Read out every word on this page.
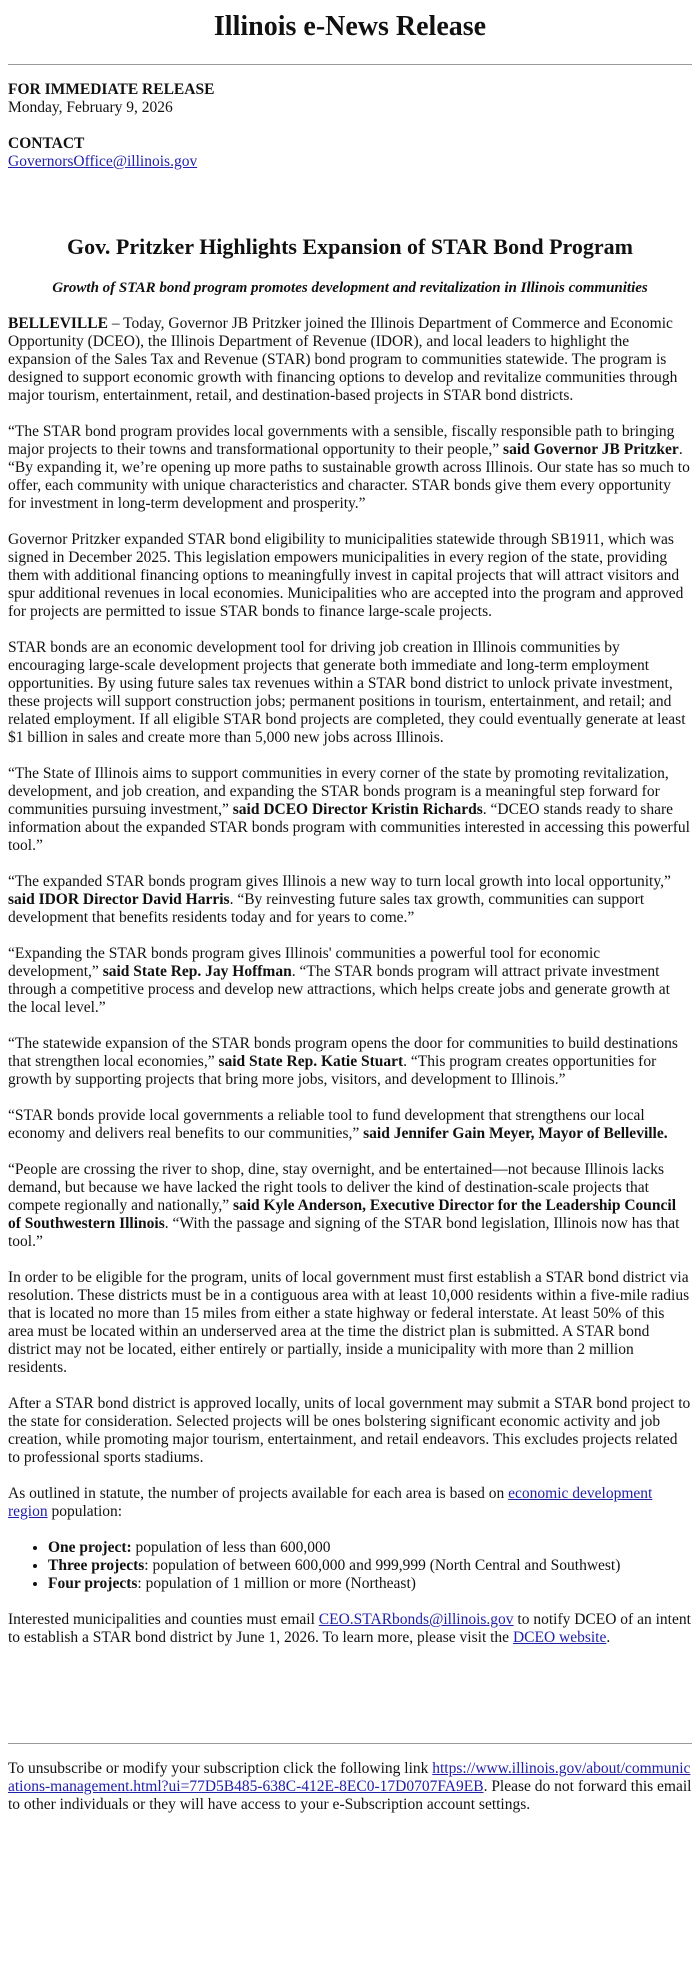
Illinois e-News Release

FOR IMMEDIATE RELEASE
Monday, February 9, 2026

CONTACT
GovernorsOffice@illinois.gov

Gov. Pritzker Highlights Expansion of STAR Bond Program

Growth of STAR bond program promotes development and revitalization in Illinois communities

BELLEVILLE – Today, Governor JB Pritzker joined the Illinois Department of Commerce and Economic Opportunity (DCEO), the Illinois Department of Revenue (IDOR), and local leaders to highlight the expansion of the Sales Tax and Revenue (STAR) bond program to communities statewide. The program is designed to support economic growth with financing options to develop and revitalize communities through major tourism, entertainment, retail, and destination-based projects in STAR bond districts.

“The STAR bond program provides local governments with a sensible, fiscally responsible path to bringing major projects to their towns and transformational opportunity to their people,” said Governor JB Pritzker. “By expanding it, we’re opening up more paths to sustainable growth across Illinois. Our state has so much to offer, each community with unique characteristics and character. STAR bonds give them every opportunity for investment in long-term development and prosperity.”

Governor Pritzker expanded STAR bond eligibility to municipalities statewide through SB1911, which was signed in December 2025. This legislation empowers municipalities in every region of the state, providing them with additional financing options to meaningfully invest in capital projects that will attract visitors and spur additional revenues in local economies. Municipalities who are accepted into the program and approved for projects are permitted to issue STAR bonds to finance large-scale projects.

STAR bonds are an economic development tool for driving job creation in Illinois communities by encouraging large-scale development projects that generate both immediate and long-term employment opportunities. By using future sales tax revenues within a STAR bond district to unlock private investment, these projects will support construction jobs; permanent positions in tourism, entertainment, and retail; and related employment. If all eligible STAR bond projects are completed, they could eventually generate at least $1 billion in sales and create more than 5,000 new jobs across Illinois.

“The State of Illinois aims to support communities in every corner of the state by promoting revitalization, development, and job creation, and expanding the STAR bonds program is a meaningful step forward for communities pursuing investment,” said DCEO Director Kristin Richards. “DCEO stands ready to share information about the expanded STAR bonds program with communities interested in accessing this powerful tool.”

“The expanded STAR bonds program gives Illinois a new way to turn local growth into local opportunity,” said IDOR Director David Harris. “By reinvesting future sales tax growth, communities can support development that benefits residents today and for years to come.”

“Expanding the STAR bonds program gives Illinois' communities a powerful tool for economic development,” said State Rep. Jay Hoffman. “The STAR bonds program will attract private investment through a competitive process and develop new attractions, which helps create jobs and generate growth at the local level.”

“The statewide expansion of the STAR bonds program opens the door for communities to build destinations that strengthen local economies,” said State Rep. Katie Stuart. “This program creates opportunities for growth by supporting projects that bring more jobs, visitors, and development to Illinois.”

“STAR bonds provide local governments a reliable tool to fund development that strengthens our local economy and delivers real benefits to our communities,” said Jennifer Gain Meyer, Mayor of Belleville.

“People are crossing the river to shop, dine, stay overnight, and be entertained—not because Illinois lacks demand, but because we have lacked the right tools to deliver the kind of destination-scale projects that compete regionally and nationally,” said Kyle Anderson, Executive Director for the Leadership Council of Southwestern Illinois. “With the passage and signing of the STAR bond legislation, Illinois now has that tool.”

In order to be eligible for the program, units of local government must first establish a STAR bond district via resolution. These districts must be in a contiguous area with at least 10,000 residents within a five-mile radius that is located no more than 15 miles from either a state highway or federal interstate. At least 50% of this area must be located within an underserved area at the time the district plan is submitted. A STAR bond district may not be located, either entirely or partially, inside a municipality with more than 2 million residents.

After a STAR bond district is approved locally, units of local government may submit a STAR bond project to the state for consideration. Selected projects will be ones bolstering significant economic activity and job creation, while promoting major tourism, entertainment, and retail endeavors. This excludes projects related to professional sports stadiums.

As outlined in statute, the number of projects available for each area is based on economic development region population:

• One project: population of less than 600,000
• Three projects: population of between 600,000 and 999,999 (North Central and Southwest)
• Four projects: population of 1 million or more (Northeast)

Interested municipalities and counties must email CEO.STARbonds@illinois.gov to notify DCEO of an intent to establish a STAR bond district by June 1, 2026. To learn more, please visit the DCEO website.

To unsubscribe or modify your subscription click the following link https://www.illinois.gov/about/communications-management.html?ui=77D5B485-638C-412E-8EC0-17D0707FA9EB. Please do not forward this email to other individuals or they will have access to your e-Subscription account settings.
